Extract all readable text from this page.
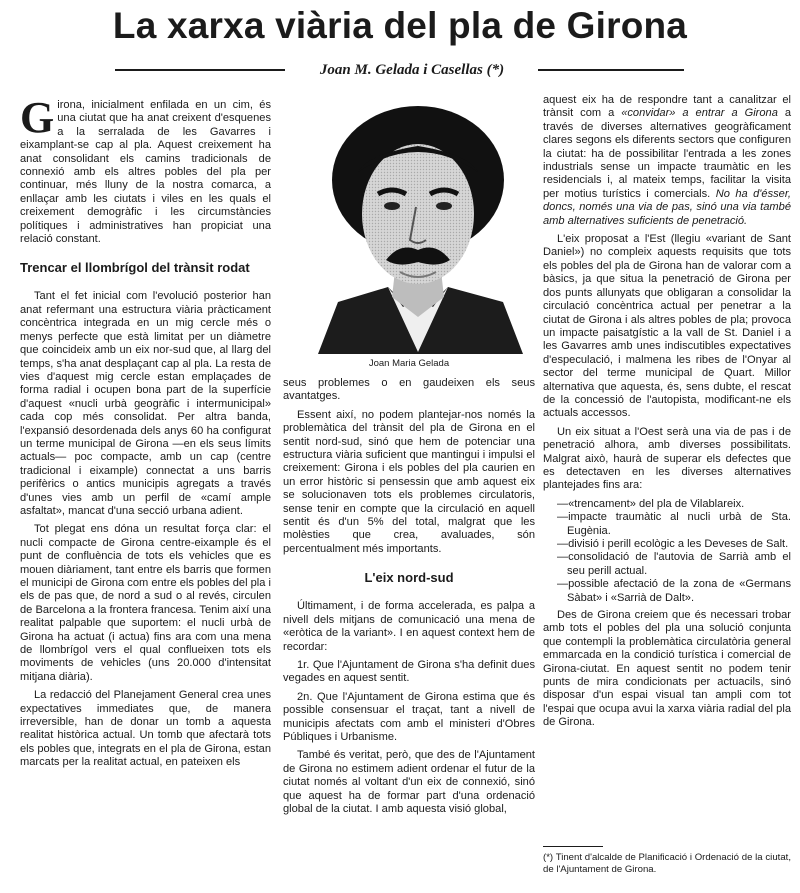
La xarxa viària del pla de Girona
Joan M. Gelada i Casellas (*)

Girona, inicialment enfilada en un cim, és una ciutat que ha anat creixent d'esquenes a la serralada de les Gavarres i eixamplant-se cap al pla. Aquest creixement ha anat consolidant els camins tradicionals de connexió amb els altres pobles del pla per continuar, més lluny de la nostra comarca, a enllaçar amb les ciutats i viles en les quals el creixement demogràfic i les circumstàncies polítiques i administratives han propiciat una relació constant.

Trencar el llombrígol del trànsit rodat

Tant el fet inicial com l'evolució posterior han anat refermant una estructura viària pràcticament concèntrica integrada en un mig cercle més o menys perfecte que està limitat per un diàmetre que coincideix amb un eix nor-sud que, al llarg del temps, s'ha anat desplaçant cap al pla. La resta de vies d'aquest mig cercle estan emplaçades de forma radial i ocupen bona part de la superfície d'aquest «nucli urbà geogràfic i intermunicipal» cada cop més consolidat. Per altra banda, l'expansió desordenada dels anys 60 ha configurat un terme municipal de Girona —en els seus límits actuals— poc compacte, amb un cap (centre tradicional i eixample) connectat a uns barris perifèrics o antics municipis agregats a través d'unes vies amb un perfil de «camí ample asfaltat», mancat d'una secció urbana adient.

Tot plegat ens dóna un resultat força clar: el nucli compacte de Girona centre-eixample és el punt de confluència de tots els vehicles que es mouen diàriament, tant entre els barris que formen el municipi de Girona com entre els pobles del pla i els de pas que, de nord a sud o al revés, circulen de Barcelona a la frontera francesa. Tenim així una realitat palpable que suportem: el nucli urbà de Girona ha actuat (i actua) fins ara com una mena de llombrígol vers el qual conflueixen tots els moviments de vehicles (uns 20.000 d'intensitat mitjana diària).

La redacció del Planejament General crea unes expectatives immediates que, de manera irreversible, han de donar un tomb a aquesta realitat històrica actual. Un tomb que afectarà tots els pobles que, integrats en el pla de Girona, estan marcats per la realitat actual, en pateixen els

Joan Maria Gelada

seus problemes o en gaudeixen els seus avantatges.

Essent així, no podem plantejar-nos només la problemàtica del trànsit del pla de Girona en el sentit nord-sud, sinó que hem de potenciar una estructura viària suficient que mantingui i impulsi el creixement: Girona i els pobles del pla caurien en un error històric si pensessin que amb aquest eix se solucionaven tots els problemes circulatoris, sense tenir en compte que la circulació en aquell sentit és d'un 5% del total, malgrat que les molèsties que crea, avaluades, són percentualment més importants.

L'eix nord-sud

Últimament, i de forma accelerada, es palpa a nivell dels mitjans de comunicació una mena de «eròtica de la variant». I en aquest context hem de recordar:

1r. Que l'Ajuntament de Girona s'ha definit dues vegades en aquest sentit.

2n. Que l'Ajuntament de Girona estima que és possible consensuar el traçat, tant a nivell de municipis afectats com amb el ministeri d'Obres Públiques i Urbanisme.

També és veritat, però, que des de l'Ajuntament de Girona no estimem adient ordenar el futur de la ciutat només al voltant d'un eix de connexió, sinó que aquest ha de formar part d'una ordenació global de la ciutat. I amb aquesta visió global,

aquest eix ha de respondre tant a canalitzar el trànsit com a «convidar» a entrar a Girona a través de diverses alternatives geogràficament clares segons els diferents sectors que configuren la ciutat: ha de possibilitar l'entrada a les zones industrials sense un impacte traumàtic en les residencials i, al mateix temps, facilitar la visita per motius turístics i comercials. No ha d'ésser, doncs, només una via de pas, sinó una via també amb alternatives suficients de penetració.

L'eix proposat a l'Est (llegiu «variant de Sant Daniel») no compleix aquests requisits que tots els pobles del pla de Girona han de valorar com a bàsics, ja que situa la penetració de Girona per dos punts allunyats que obligaran a consolidar la circulació concèntrica actual per penetrar a la ciutat de Girona i als altres pobles de pla; provoca un impacte paisatgístic a la vall de St. Daniel i a les Gavarres amb unes indiscutibles expectatives d'especulació, i malmena les ribes de l'Onyar al sector del terme municipal de Quart. Millor alternativa que aquesta, és, sens dubte, el rescat de la concessió de l'autopista, modificant-ne els actuals accessos.

Un eix situat a l'Oest serà una via de pas i de penetració alhora, amb diverses possibilitats. Malgrat això, haurà de superar els defectes que es detectaven en les diverses alternatives plantejades fins ara:

—«trencament» del pla de Vilablareix.
—impacte traumàtic al nucli urbà de Sta. Eugènia.
—divisió i perill ecològic a les Deveses de Salt.
—consolidació de l'autovia de Sarrià amb el seu perill actual.
—possible afectació de la zona de «Germans Sàbat» i «Sarrià de Dalt».

Des de Girona creiem que és necessari trobar amb tots el pobles del pla una solució conjunta que contempli la problemàtica circulatòria general emmarcada en la condició turística i comercial de Girona-ciutat. En aquest sentit no podem tenir punts de mira condicionats per actuacils, sinó disposar d'un espai visual tan ampli com tot l'espai que ocupa avui la xarxa viària radial del pla de Girona.

(*) Tinent d'alcalde de Planificació i Ordenació de la ciutat, de l'Ajuntament de Girona.
